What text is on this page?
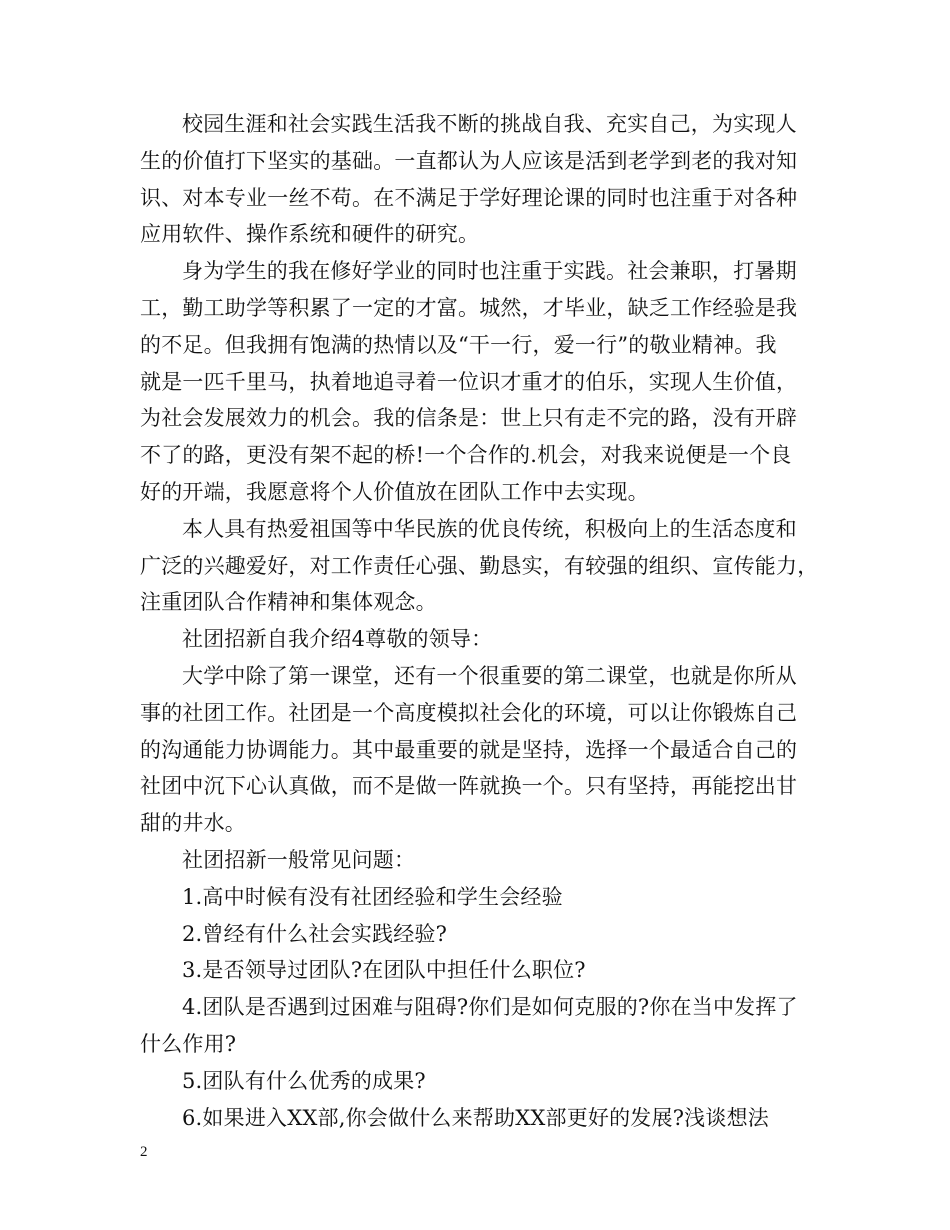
校园生涯和社会实践生活我不断的挑战自我、充实自己，为实现人
生的价值打下坚实的基础。一直都认为人应该是活到老学到老的我对知
识、对本专业一丝不苟。在不满足于学好理论课的同时也注重于对各种
应用软件、操作系统和硬件的研究。
身为学生的我在修好学业的同时也注重于实践。社会兼职，打暑期
工，勤工助学等积累了一定的才富。城然，才毕业，缺乏工作经验是我
的不足。但我拥有饱满的热情以及“干一行，爱一行”的敬业精神。我
就是一匹千里马，执着地追寻着一位识才重才的伯乐，实现人生价值，
为社会发展效力的机会。我的信条是：世上只有走不完的路，没有开辟
不了的路，更没有架不起的桥!一个合作的.机会，对我来说便是一个良
好的开端，我愿意将个人价值放在团队工作中去实现。
本人具有热爱祖国等中华民族的优良传统，积极向上的生活态度和
广泛的兴趣爱好，对工作责任心强、勤恳实，有较强的组织、宣传能力，
注重团队合作精神和集体观念。
社团招新自我介绍4尊敬的领导：
大学中除了第一课堂，还有一个很重要的第二课堂，也就是你所从
事的社团工作。社团是一个高度模拟社会化的环境，可以让你锻炼自己
的沟通能力协调能力。其中最重要的就是坚持，选择一个最适合自己的
社团中沉下心认真做，而不是做一阵就换一个。只有坚持，再能挖出甘
甜的井水。
社团招新一般常见问题：
1.高中时候有没有社团经验和学生会经验
2.曾经有什么社会实践经验?
3.是否领导过团队?在团队中担任什么职位?
4.团队是否遇到过困难与阻碍?你们是如何克服的?你在当中发挥了
什么作用?
5.团队有什么优秀的成果?
6.如果进入XX部,你会做什么来帮助XX部更好的发展?浅谈想法
2
